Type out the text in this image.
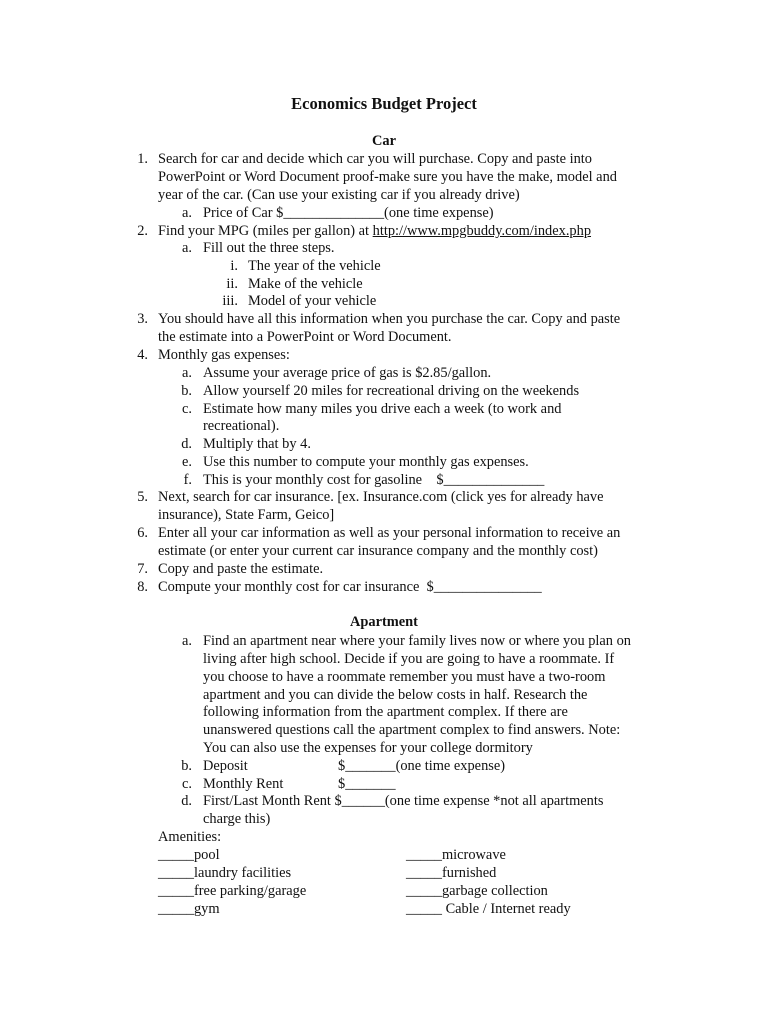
Economics Budget Project
Car
1. Search for car and decide which car you will purchase. Copy and paste into
PowerPoint or Word Document proof-make sure you have the make, model and
year of the car. (Can use your existing car if you already drive)
a. Price of Car $______________(one time expense)
2. Find your MPG (miles per gallon) at http://www.mpgbuddy.com/index.php
a. Fill out the three steps.
i. The year of the vehicle
ii. Make of the vehicle
iii. Model of your vehicle
3. You should have all this information when you purchase the car. Copy and paste
the estimate into a PowerPoint or Word Document.
4. Monthly gas expenses:
a. Assume your average price of gas is $2.85/gallon.
b. Allow yourself 20 miles for recreational driving on the weekends
c. Estimate how many miles you drive each a week (to work and
recreational).
d. Multiply that by 4.
e. Use this number to compute your monthly gas expenses.
f. This is your monthly cost for gasoline    $______________
5. Next, search for car insurance. [ex. Insurance.com (click yes for already have
insurance), State Farm, Geico]
6. Enter all your car information as well as your personal information to receive an
estimate (or enter your current car insurance company and the monthly cost)
7. Copy and paste the estimate.
8. Compute your monthly cost for car insurance  $_______________
Apartment
a. Find an apartment near where your family lives now or where you plan on
living after high school. Decide if you are going to have a roommate. If
you choose to have a roommate remember you must have a two-room
apartment and you can divide the below costs in half. Research the
following information from the apartment complex. If there are
unanswered questions call the apartment complex to find answers. Note:
You can also use the expenses for your college dormitory
b. Deposit	$_______(one time expense)
c. Monthly Rent	$_______
d. First/Last Month Rent $______(one time expense *not all apartments
charge this)
Amenities:
_____pool
_____laundry facilities
_____free parking/garage
_____gym
_____microwave
_____furnished
_____garbage collection
_____ Cable / Internet ready
